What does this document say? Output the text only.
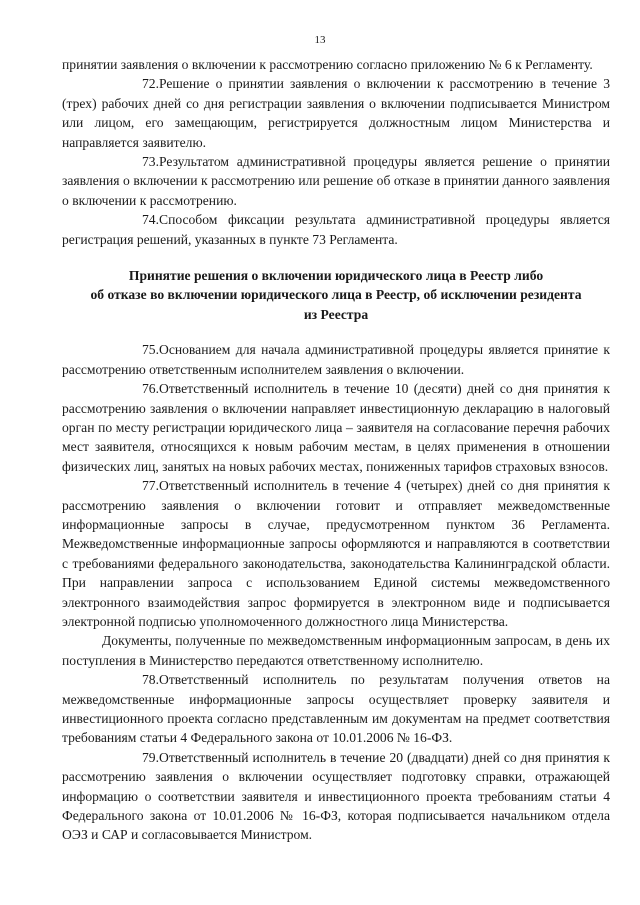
13

принятии заявления о включении к рассмотрению согласно приложению № 6 к Регламенту.

72.Решение о принятии заявления о включении к рассмотрению в течение 3 (трех) рабочих дней со дня регистрации заявления о включении подписывается Министром или лицом, его замещающим, регистрируется должностным лицом Министерства и направляется заявителю.

73.Результатом административной процедуры является решение о принятии заявления о включении к рассмотрению или решение об отказе в принятии данного заявления о включении к рассмотрению.

74.Способом фиксации результата административной процедуры является регистрация решений, указанных в пункте 73 Регламента.

Принятие решения о включении юридического лица в Реестр либо
об отказе во включении юридического лица в Реестр, об исключении резидента
из Реестра

75.Основанием для начала административной процедуры является принятие к рассмотрению ответственным исполнителем заявления о включении.

76.Ответственный исполнитель в течение 10 (десяти) дней со дня принятия к рассмотрению заявления о включении направляет инвестиционную декларацию в налоговый орган по месту регистрации юридического лица – заявителя на согласование перечня рабочих мест заявителя, относящихся к новым рабочим местам, в целях применения в отношении физических лиц, занятых на новых рабочих местах, пониженных тарифов страховых взносов.

77.Ответственный исполнитель в течение 4 (четырех) дней со дня принятия к рассмотрению заявления о включении готовит и отправляет межведомственные информационные запросы в случае, предусмотренном пунктом 36 Регламента. Межведомственные информационные запросы оформляются и направляются в соответствии с требованиями федерального законодательства, законодательства Калининградской области. При направлении запроса с использованием Единой системы межведомственного электронного взаимодействия запрос формируется в электронном виде и подписывается электронной подписью уполномоченного должностного лица Министерства.

Документы, полученные по межведомственным информационным запросам, в день их поступления в Министерство передаются ответственному исполнителю.

78.Ответственный исполнитель по результатам получения ответов на межведомственные информационные запросы осуществляет проверку заявителя и инвестиционного проекта согласно представленным им документам на предмет соответствия требованиям статьи 4 Федерального закона от 10.01.2006 № 16-ФЗ.

79.Ответственный исполнитель в течение 20 (двадцати) дней со дня принятия к рассмотрению заявления о включении осуществляет подготовку справки, отражающей информацию о соответствии заявителя и инвестиционного проекта требованиям статьи 4 Федерального закона от 10.01.2006 № 16-ФЗ, которая подписывается начальником отдела ОЭЗ и САР и согласовывается Министром.
